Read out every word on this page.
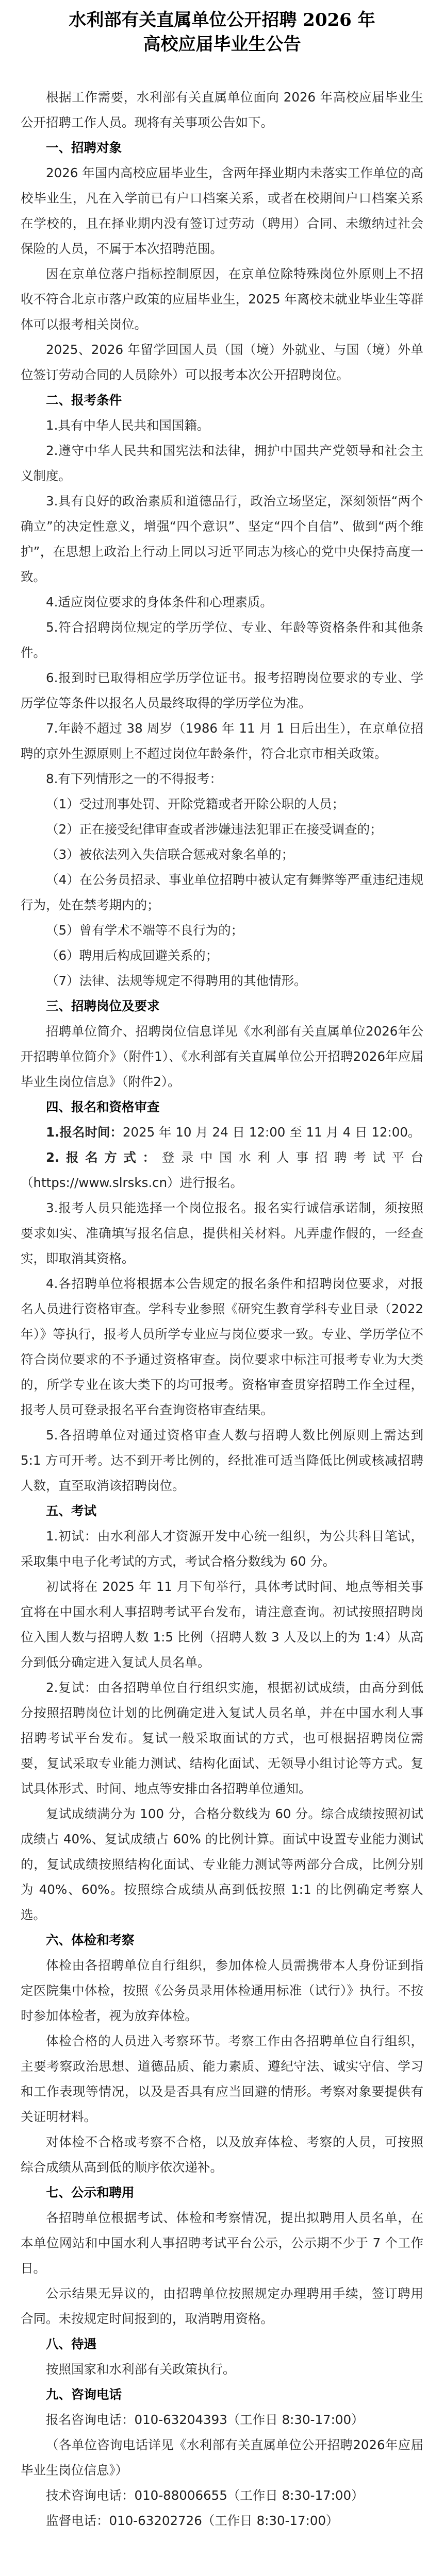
水利部有关直属单位公开招聘 2026 年

高校应届毕业生公告

根据工作需要，水利部有关直属单位面向 2026 年高校应届毕业生公开招聘工作人员。现将有关事项公告如下。

一、招聘对象

2026 年国内高校应届毕业生，含两年择业期内未落实工作单位的高校毕业生，凡在入学前已有户口档案关系，或者在校期间户口档案关系在学校的，且在择业期内没有签订过劳动（聘用）合同、未缴纳过社会保险的人员，不属于本次招聘范围。

因在京单位落户指标控制原因，在京单位除特殊岗位外原则上不招收不符合北京市落户政策的应届毕业生，2025 年离校未就业毕业生等群体可以报考相关岗位。

2025、2026 年留学回国人员（国（境）外就业、与国（境）外单位签订劳动合同的人员除外）可以报考本次公开招聘岗位。

二、报考条件

1.具有中华人民共和国国籍。

2.遵守中华人民共和国宪法和法律，拥护中国共产党领导和社会主义制度。

3.具有良好的政治素质和道德品行，政治立场坚定，深刻领悟“两个确立”的决定性意义，增强“四个意识”、坚定“四个自信”、做到“两个维护”，在思想上政治上行动上同以习近平同志为核心的党中央保持高度一致。

4.适应岗位要求的身体条件和心理素质。

5.符合招聘岗位规定的学历学位、专业、年龄等资格条件和其他条件。

6.报到时已取得相应学历学位证书。报考招聘岗位要求的专业、学历学位等条件以报名人员最终取得的学历学位为准。

7.年龄不超过 38 周岁（1986 年 11 月 1 日后出生），在京单位招聘的京外生源原则上不超过岗位年龄条件，符合北京市相关政策。

8.有下列情形之一的不得报考：

（1）受过刑事处罚、开除党籍或者开除公职的人员；

（2）正在接受纪律审查或者涉嫌违法犯罪正在接受调查的；

（3）被依法列入失信联合惩戒对象名单的；

（4）在公务员招录、事业单位招聘中被认定有舞弊等严重违纪违规行为，处在禁考期内的；

（5）曾有学术不端等不良行为的；

（6）聘用后构成回避关系的；

（7）法律、法规等规定不得聘用的其他情形。

三、招聘岗位及要求

招聘单位简介、招聘岗位信息详见《水利部有关直属单位2026年公开招聘单位简介》（附件1）、《水利部有关直属单位公开招聘2026年应届毕业生岗位信息》（附件2）。

四、报名和资格审查

1.报名时间：2025 年 10 月 24 日 12:00 至 11 月 4 日 12:00。

2.报名方式：登录中国水利人事招聘考试平台（https://www.slrsks.cn）进行报名。

3.报考人员只能选择一个岗位报名。报名实行诚信承诺制，须按照要求如实、准确填写报名信息，提供相关材料。凡弄虚作假的，一经查实，即取消其资格。

4.各招聘单位将根据本公告规定的报名条件和招聘岗位要求，对报名人员进行资格审查。学科专业参照《研究生教育学科专业目录（2022年）》等执行，报考人员所学专业应与岗位要求一致。专业、学历学位不符合岗位要求的不予通过资格审查。岗位要求中标注可报考专业为大类的，所学专业在该大类下的均可报考。资格审查贯穿招聘工作全过程，报考人员可登录报名平台查询资格审查结果。

5.各招聘单位对通过资格审查人数与招聘人数比例原则上需达到 5:1 方可开考。达不到开考比例的，经批准可适当降低比例或核减招聘人数，直至取消该招聘岗位。

五、考试

1.初试：由水利部人才资源开发中心统一组织，为公共科目笔试，采取集中电子化考试的方式，考试合格分数线为 60 分。

初试将在 2025 年 11 月下旬举行，具体考试时间、地点等相关事宜将在中国水利人事招聘考试平台发布，请注意查询。初试按照招聘岗位入围人数与招聘人数 1:5 比例（招聘人数 3 人及以上的为 1:4）从高分到低分确定进入复试人员名单。

2.复试：由各招聘单位自行组织实施，根据初试成绩，由高分到低分按照招聘岗位计划的比例确定进入复试人员名单，并在中国水利人事招聘考试平台发布。复试一般采取面试的方式，也可根据招聘岗位需要，复试采取专业能力测试、结构化面试、无领导小组讨论等方式。复试具体形式、时间、地点等安排由各招聘单位通知。

复试成绩满分为 100 分，合格分数线为 60 分。综合成绩按照初试成绩占 40%、复试成绩占 60% 的比例计算。面试中设置专业能力测试的，复试成绩按照结构化面试、专业能力测试等两部分合成，比例分别为 40%、60%。按照综合成绩从高到低按照 1:1 的比例确定考察人选。

六、体检和考察

体检由各招聘单位自行组织，参加体检人员需携带本人身份证到指定医院集中体检，按照《公务员录用体检通用标准（试行）》执行。不按时参加体检者，视为放弃体检。

体检合格的人员进入考察环节。考察工作由各招聘单位自行组织，主要考察政治思想、道德品质、能力素质、遵纪守法、诚实守信、学习和工作表现等情况，以及是否具有应当回避的情形。考察对象要提供有关证明材料。

对体检不合格或考察不合格，以及放弃体检、考察的人员，可按照综合成绩从高到低的顺序依次递补。

七、公示和聘用

各招聘单位根据考试、体检和考察情况，提出拟聘用人员名单，在本单位网站和中国水利人事招聘考试平台公示，公示期不少于 7 个工作日。

公示结果无异议的，由招聘单位按照规定办理聘用手续，签订聘用合同。未按规定时间报到的，取消聘用资格。

八、待遇

按照国家和水利部有关政策执行。

九、咨询电话

报名咨询电话：010-63204393（工作日 8:30-17:00）

（各单位咨询电话详见《水利部有关直属单位公开招聘2026年应届毕业生岗位信息》）

技术咨询电话：010-88006655（工作日 8:30-17:00）

监督电话：010-63202726（工作日 8:30-17:00）
